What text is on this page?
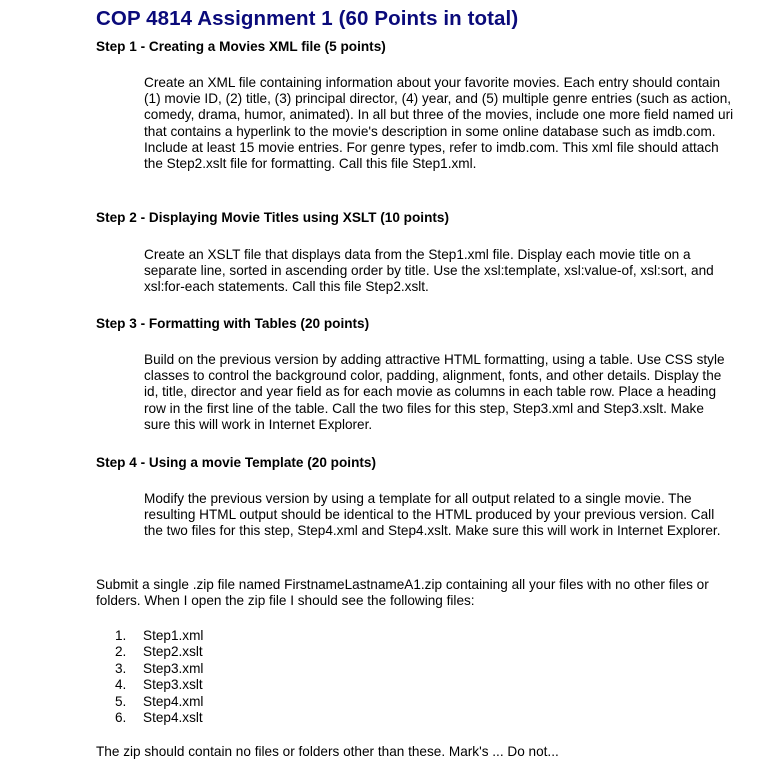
COP 4814 Assignment 1 (60 Points in total)
Step 1 - Creating a Movies XML file (5 points)

Create an XML file containing information about your favorite movies. Each entry should contain (1) movie ID, (2) title, (3) principal director, (4) year, and (5) multiple genre entries (such as action, comedy, drama, humor, animated). In all but three of the movies, include one more field named uri that contains a hyperlink to the movie's description in some online database such as imdb.com. Include at least 15 movie entries. For genre types, refer to imdb.com. This xml file should attach the Step2.xslt file for formatting. Call this file Step1.xml.

Step 2 - Displaying Movie Titles using XSLT (10 points)

Create an XSLT file that displays data from the Step1.xml file. Display each movie title on a separate line, sorted in ascending order by title. Use the xsl:template, xsl:value-of, xsl:sort, and xsl:for-each statements. Call this file Step2.xslt.

Step 3 - Formatting with Tables (20 points)

Build on the previous version by adding attractive HTML formatting, using a table. Use CSS style classes to control the background color, padding, alignment, fonts, and other details. Display the id, title, director and year field as for each movie as columns in each table row. Place a heading row in the first line of the table. Call the two files for this step, Step3.xml and Step3.xslt. Make sure this will work in Internet Explorer.

Step 4 - Using a movie Template (20 points)

Modify the previous version by using a template for all output related to a single movie. The resulting HTML output should be identical to the HTML produced by your previous version. Call the two files for this step, Step4.xml and Step4.xslt. Make sure this will work in Internet Explorer.

Submit a single .zip file named FirstnameLastnameA1.zip containing all your files with no other files or folders. When I open the zip file I should see the following files:

1. Step1.xml
2. Step2.xslt
3. Step3.xml
4. Step3.xslt
5. Step4.xml
6. Step4.xslt

The zip should contain no files or folders other than these. Mark's ... Do not...
